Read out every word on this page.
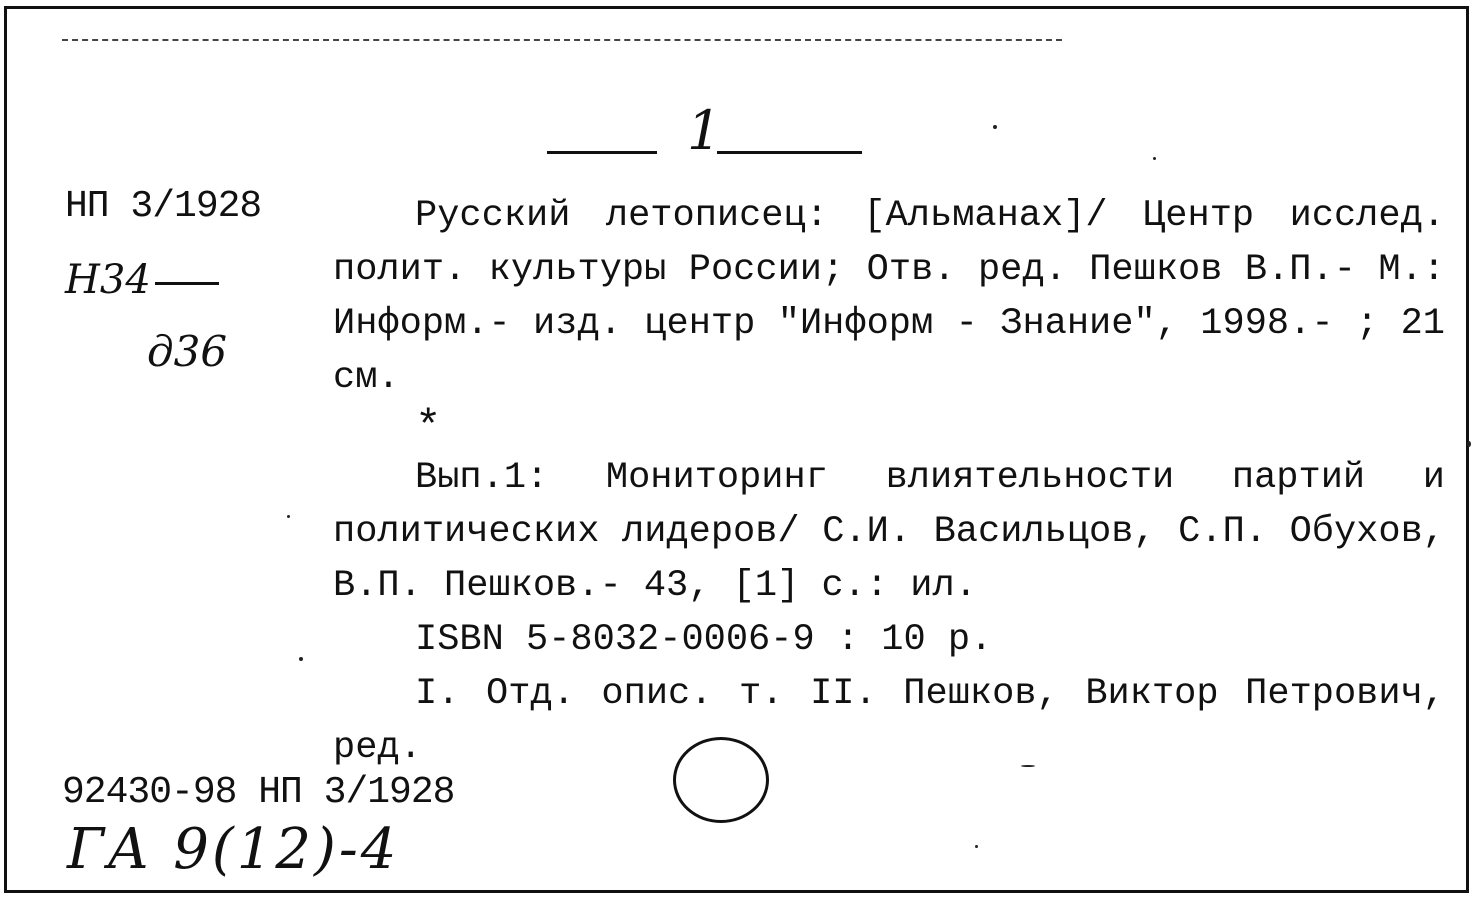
1
НП 3/1928
Н34
д36

Русский летописец: [Альманах]/ Центр исслед. полит. культуры России; Отв. ред. Пешков В.П.- М.: Информ.- изд. центр "Информ - Знание", 1998.- ; 21 см.

*

Вып.1: Мониторинг влиятельности партий и политических лидеров/ С.И. Васильцов, С.П. Обухов, В.П. Пешков.- 43, [1] с.: ил.

ISBN 5-8032-0006-9 : 10 р.

I. Отд. опис. т. II. Пешков, Виктор Петрович, ред.

92430-98 НП 3/1928
ГА 9(12)-4
